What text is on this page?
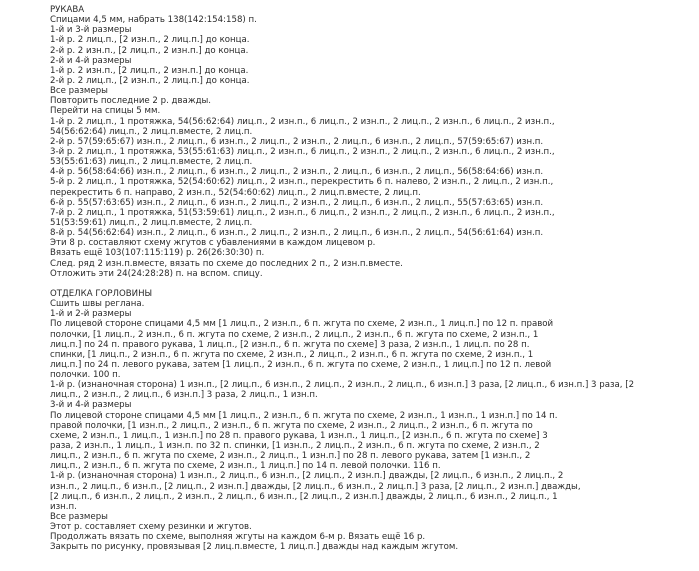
РУКАВА
Спицами 4,5 мм, набрать 138(142:154:158) п.
1-й и 3-й размеры
1-й р. 2 лиц.п., [2 изн.п., 2 лиц.п.] до конца.
2-й р. 2 изн.п., [2 лиц.п., 2 изн.п.] до конца.
2-й и 4-й размеры
1-й р. 2 изн.п., [2 лиц.п., 2 изн.п.] до конца.
2-й р. 2 лиц.п., [2 изн.п., 2 лиц.п.] до конца.
Все размеры
Повторить последние 2 р. дважды.
Перейти на спицы 5 мм.
1-й р. 2 лиц.п., 1 протяжка, 54(56:62:64) лиц.п., 2 изн.п., 6 лиц.п., 2 изн.п., 2 лиц.п., 2 изн.п., 6 лиц.п., 2 изн.п.,
54(56:62:64) лиц.п., 2 лиц.п.вместе, 2 лиц.п.
2-й р. 57(59:65:67) изн.п., 2 лиц.п., 6 изн.п., 2 лиц.п., 2 изн.п., 2 лиц.п., 6 изн.п., 2 лиц.п., 57(59:65:67) изн.п.
3-й р. 2 лиц.п., 1 протяжка, 53(55:61:63) лиц.п., 2 изн.п., 6 лиц.п., 2 изн.п., 2 лиц.п., 2 изн.п., 6 лиц.п., 2 изн.п.,
53(55:61:63) лиц.п., 2 лиц.п.вместе, 2 лиц.п.
4-й р. 56(58:64:66) изн.п., 2 лиц.п., 6 изн.п., 2 лиц.п., 2 изн.п., 2 лиц.п., 6 изн.п., 2 лиц.п., 56(58:64:66) изн.п.
5-й р. 2 лиц.п., 1 протяжка, 52(54:60:62) лиц.п., 2 изн.п., перекрестить 6 п. налево, 2 изн.п., 2 лиц.п., 2 изн.п.,
перекрестить 6 п. направо, 2 изн.п., 52(54:60:62) лиц.п., 2 лиц.п.вместе, 2 лиц.п.
6-й р. 55(57:63:65) изн.п., 2 лиц.п., 6 изн.п., 2 лиц.п., 2 изн.п., 2 лиц.п., 6 изн.п., 2 лиц.п., 55(57:63:65) изн.п.
7-й р. 2 лиц.п., 1 протяжка, 51(53:59:61) лиц.п., 2 изн.п., 6 лиц.п., 2 изн.п., 2 лиц.п., 2 изн.п., 6 лиц.п., 2 изн.п.,
51(53:59:61) лиц.п., 2 лиц.п.вместе, 2 лиц.п.
8-й р. 54(56:62:64) изн.п., 2 лиц.п., 6 изн.п., 2 лиц.п., 2 изн.п., 2 лиц.п., 6 изн.п., 2 лиц.п., 54(56:61:64) изн.п.
Эти 8 р. составляют схему жгутов с убавлениями в каждом лицевом р.
Вязать ещё 103(107:115:119) р. 26(26:30:30) п.
След. ряд 2 изн.п.вместе, вязать по схеме до последних 2 п., 2 изн.п.вместе.
Отложить эти 24(24:28:28) п. на вспом. спицу.
ОТДЕЛКА ГОРЛОВИНЫ
Сшить швы реглана.
1-й и 2-й размеры
По лицевой стороне спицами 4,5 мм [1 лиц.п., 2 изн.п., 6 п. жгута по схеме, 2 изн.п., 1 лиц.п.] по 12 п. правой
полочки, [1 лиц.п., 2 изн.п., 6 п. жгута по схеме, 2 изн.п., 2 лиц.п., 2 изн.п., 6 п. жгута по схеме, 2 изн.п., 1
лиц.п.] по 24 п. правого рукава, 1 лиц.п., [2 изн.п., 6 п. жгута по схеме] 3 раза, 2 изн.п., 1 лиц.п. по 28 п.
спинки, [1 лиц.п., 2 изн.п., 6 п. жгута по схеме, 2 изн.п., 2 лиц.п., 2 изн.п., 6 п. жгута по схеме, 2 изн.п., 1
лиц.п.] по 24 п. левого рукава, затем [1 лиц.п., 2 изн.п., 6 п. жгута по схеме, 2 изн.п., 1 лиц.п.] по 12 п. левой
полочки. 100 п.
1-й р. (изнаночная сторона) 1 изн.п., [2 лиц.п., 6 изн.п., 2 лиц.п., 2 изн.п., 2 лиц.п., 6 изн.п.] 3 раза, [2 лиц.п., 6 изн.п.] 3 раза, [2
лиц.п., 2 изн.п., 2 лиц.п., 6 изн.п.] 3 раза, 2 лиц.п., 1 изн.п.
3-й и 4-й размеры
По лицевой стороне спицами 4,5 мм [1 лиц.п., 2 изн.п., 6 п. жгута по схеме, 2 изн.п., 1 изн.п., 1 изн.п.] по 14 п.
правой полочки, [1 изн.п., 2 лиц.п., 2 изн.п., 6 п. жгута по схеме, 2 изн.п., 2 лиц.п., 2 изн.п., 6 п. жгута по
схеме, 2 изн.п., 1 лиц.п., 1 изн.п.] по 28 п. правого рукава, 1 изн.п., 1 лиц.п., [2 изн.п., 6 п. жгута по схеме] 3
раза, 2 изн.п., 1 лиц.п., 1 изн.п. по 32 п. спинки, [1 изн.п., 2 лиц.п., 2 изн.п., 6 п. жгута по схеме, 2 изн.п., 2
лиц.п., 2 изн.п., 6 п. жгута по схеме, 2 изн.п., 2 лиц.п., 1 изн.п.] по 28 п. левого рукава, затем [1 изн.п., 2
лиц.п., 2 изн.п., 6 п. жгута по схеме, 2 изн.п., 1 лиц.п.] по 14 п. левой полочки. 116 п.
1-й р. (изнаночная сторона) 1 изн.п., 2 лиц.п., 6 изн.п., [2 лиц.п., 2 изн.п.] дважды, [2 лиц.п., 6 изн.п., 2 лиц.п., 2
изн.п., 2 лиц.п., 6 изн.п., [2 лиц.п., 2 изн.п.] дважды, [2 лиц.п., 6 изн.п., 2 лиц.п.] 3 раза, [2 лиц.п., 2 изн.п.] дважды,
[2 лиц.п., 6 изн.п., 2 лиц.п., 2 изн.п., 2 лиц.п., 6 изн.п., [2 лиц.п., 2 изн.п.] дважды, 2 лиц.п., 6 изн.п., 2 лиц.п., 1
изн.п.
Все размеры
Этот р. составляет схему резинки и жгутов.
Продолжать вязать по схеме, выполняя жгуты на каждом 6-м р. Вязать ещё 16 р.
Закрыть по рисунку, провязывая [2 лиц.п.вместе, 1 лиц.п.] дважды над каждым жгутом.
